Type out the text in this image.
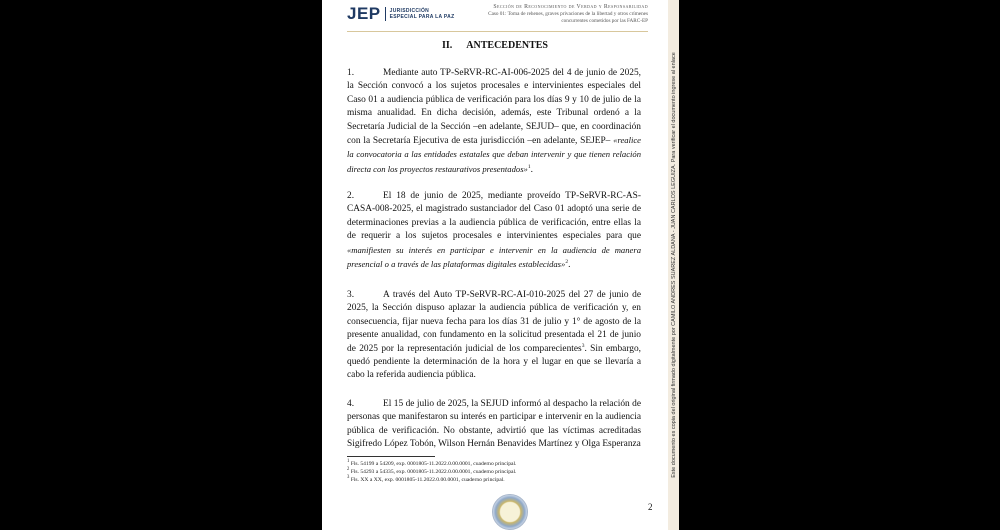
JEP JURISDICCIÓN
ESPECIAL PARA LA PAZ
Sección de Reconocimiento de Verdad y Responsabilidad
Caso 01: Toma de rehenes, graves privaciones de la libertad y otros crímenes
concurrentes cometidos por las FARC-EP
II. ANTECEDENTES
1.	Mediante auto TP-SeRVR-RC-AI-006-2025 del 4 de junio de 2025, la Sección convocó a los sujetos procesales e intervinientes especiales del Caso 01 a audiencia pública de verificación para los días 9 y 10 de julio de la misma anualidad. En dicha decisión, además, este Tribunal ordenó a la Secretaría Judicial de la Sección –en adelante, SEJUD– que, en coordinación con la Secretaría Ejecutiva de esta jurisdicción –en adelante, SEJEP– «realice la convocatoria a las entidades estatales que deban intervenir y que tienen relación directa con los proyectos restaurativos presentados»$^1$.
2.	El 18 de junio de 2025, mediante proveído TP-SeRVR-RC-AS-CASA-008-2025, el magistrado sustanciador del Caso 01 adoptó una serie de determinaciones previas a la audiencia pública de verificación, entre ellas la de requerir a los sujetos procesales e intervinientes especiales para que «manifiesten su interés en participar e intervenir en la audiencia de manera presencial o a través de las plataformas digitales establecidas»$^2$.
3.	A través del Auto TP-SeRVR-RC-AI-010-2025 del 27 de junio de 2025, la Sección dispuso aplazar la audiencia pública de verificación y, en consecuencia, fijar nueva fecha para los días 31 de julio y 1° de agosto de la presente anualidad, con fundamento en la solicitud presentada el 21 de junio de 2025 por la representación judicial de los comparecientes$^3$. Sin embargo, quedó pendiente la determinación de la hora y el lugar en que se llevaría a cabo la referida audiencia pública.
4.	El 15 de julio de 2025, la SEJUD informó al despacho la relación de personas que manifestaron su interés en participar e intervenir en la audiencia pública de verificación. No obstante, advirtió que las víctimas acreditadas Sigifredo López Tobón, Wilson Hernán Benavides Martínez y Olga Esperanza
$^1$ Fls. 54199 a 54209, exp. 0001805-11.2022.0.00.0001, cuaderno principal.
$^2$ Fls. 54293 a 54335, exp. 0001805-11.2022.0.00.0001, cuaderno principal.
$^3$ Fls. XX a XX, exp. 0001805-11.2022.0.00.0001, cuaderno principal.
2
Este documento es copia del original firmado digitalmente por CAMILO ANDRES SUAREZ ALDANA - JUAN CARLOS LEGUIZA. Para verificar el documento ingrese al enlace
